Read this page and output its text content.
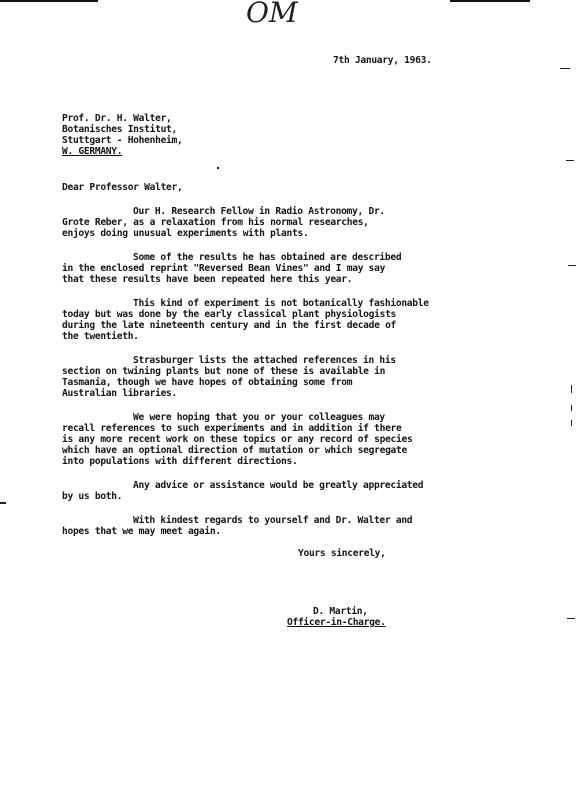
OM
7th January, 1963.
Prof. Dr. H. Walter,
Botanisches Institut,
Stuttgart - Hohenheim,
W. GERMANY.
Dear Professor Walter,
Our H. Research Fellow in Radio Astronomy, Dr.
Grote Reber, as a relaxation from his normal researches,
enjoys doing unusual experiments with plants.
Some of the results he has obtained are described
in the enclosed reprint "Reversed Bean Vines" and I may say
that these results have been repeated here this year.
This kind of experiment is not botanically fashionable
today but was done by the early classical plant physiologists
during the late nineteenth century and in the first decade of
the twentieth.
Strasburger lists the attached references in his
section on twining plants but none of these is available in
Tasmania, though we have hopes of obtaining some from
Australian libraries.
We were hoping that you or your colleagues may
recall references to such experiments and in addition if there
is any more recent work on these topics or any record of species
which have an optional direction of mutation or which segregate
into populations with different directions.
Any advice or assistance would be greatly appreciated
by us both.
With kindest regards to yourself and Dr. Walter and
hopes that we may meet again.
Yours sincerely,
D. Martin,
Officer-in-Charge.
